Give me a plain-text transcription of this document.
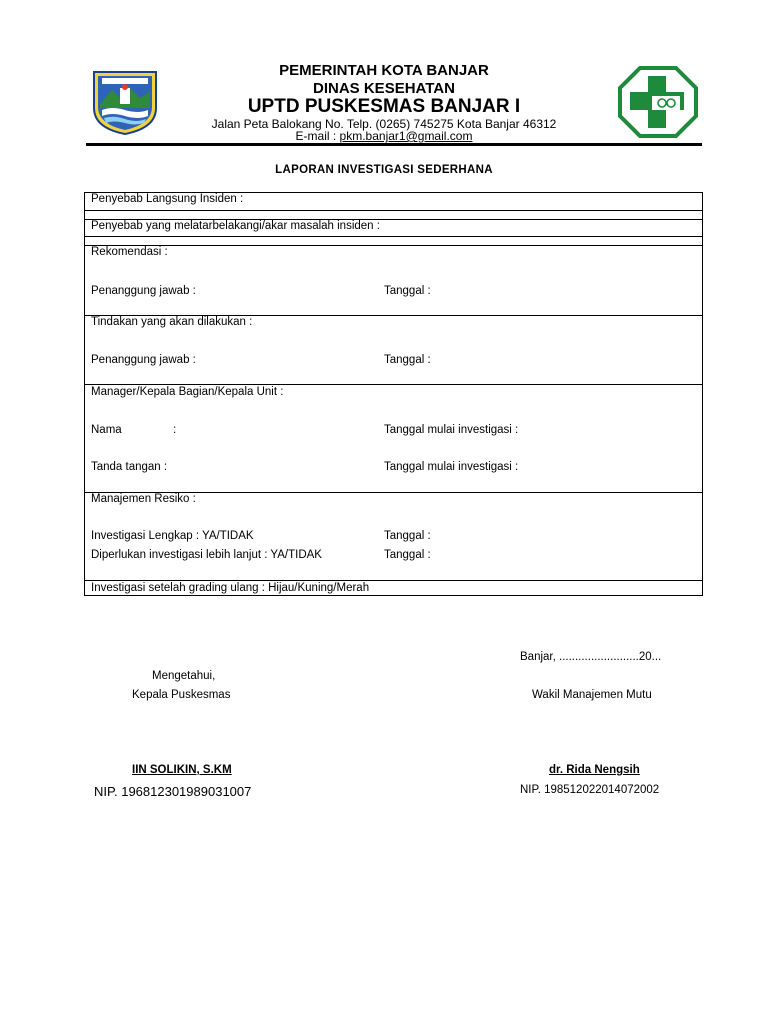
PEMERINTAH KOTA BANJAR
DINAS KESEHATAN
UPTD PUSKESMAS BANJAR I
Jalan Peta Balokang No. Telp. (0265) 745275 Kota Banjar 46312
E-mail : pkm.banjar1@gmail.com
LAPORAN INVESTIGASI SEDERHANA
Penyebab Langsung Insiden :
Penyebab yang melatarbelakangi/akar masalah insiden :
Rekomendasi :
Penanggung jawab :	Tanggal :
Tindakan yang akan dilakukan :
Penanggung jawab :	Tanggal :
Manager/Kepala Bagian/Kepala Unit :
Nama	:	Tanggal mulai investigasi :
Tanda tangan :	Tanggal mulai investigasi :
Manajemen Resiko :
Investigasi Lengkap : YA/TIDAK	Tanggal :
Diperlukan investigasi lebih lanjut : YA/TIDAK	Tanggal :
Investigasi setelah grading ulang : Hijau/Kuning/Merah
Banjar, .........................20...
Mengetahui,
Kepala Puskesmas	Wakil Manajemen Mutu
IIN SOLIKIN, S.KM
NIP. 196812301989031007
dr. Rida Nengsih
NIP. 198512022014072002
